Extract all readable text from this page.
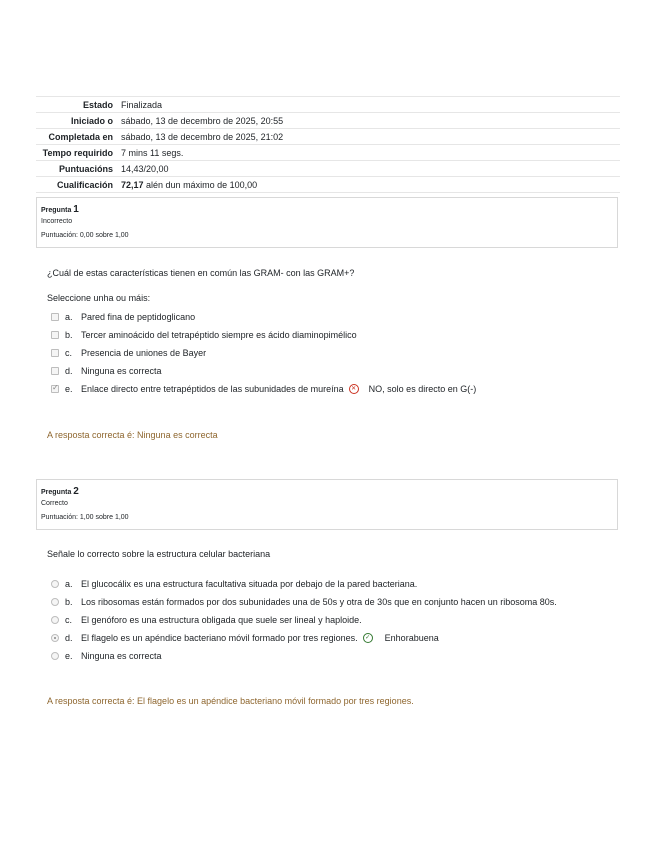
Estado Finalizada
Iniciado o sábado, 13 de decembro de 2025, 20:55
Completada en sábado, 13 de decembro de 2025, 21:02
Tempo requirido 7 mins 11 segs.
Puntuacións 14,43/20,00
Cualificación 72,17 alén dun máximo de 100,00
Pregunta 1
Incorrecto
Puntuación: 0,00 sobre 1,00
¿Cuál de estas características tienen en común las GRAM- con las GRAM+?
Seleccione unha ou máis:
a. Pared fina de peptidoglicano
b. Tercer aminoácido del tetrapéptido siempre es ácido diaminopimélico
c. Presencia de uniones de Bayer
d. Ninguna es correcta
✓
e. Enlace directo entre tetrapéptidos de las subunidades de mureína	✕ NO, solo es directo en G(-)
A resposta correcta é: Ninguna es correcta
Pregunta 2
Correcto
Puntuación: 1,00 sobre 1,00
Señale lo correcto sobre la estructura celular bacteriana
a. El glucocálix es una estructura facultativa situada por debajo de la pared bacteriana.
b. Los ribosomas están formados por dos subunidades una de 50s y otra de 30s que en conjunto hacen un ribosoma 80s.
c. El genóforo es una estructura obligada que suele ser lineal y haploide.
d. El flagelo es un apéndice bacteriano móvil formado por tres regiones.	✓ Enhorabuena
e. Ninguna es correcta
A resposta correcta é: El flagelo es un apéndice bacteriano móvil formado por tres regiones.
